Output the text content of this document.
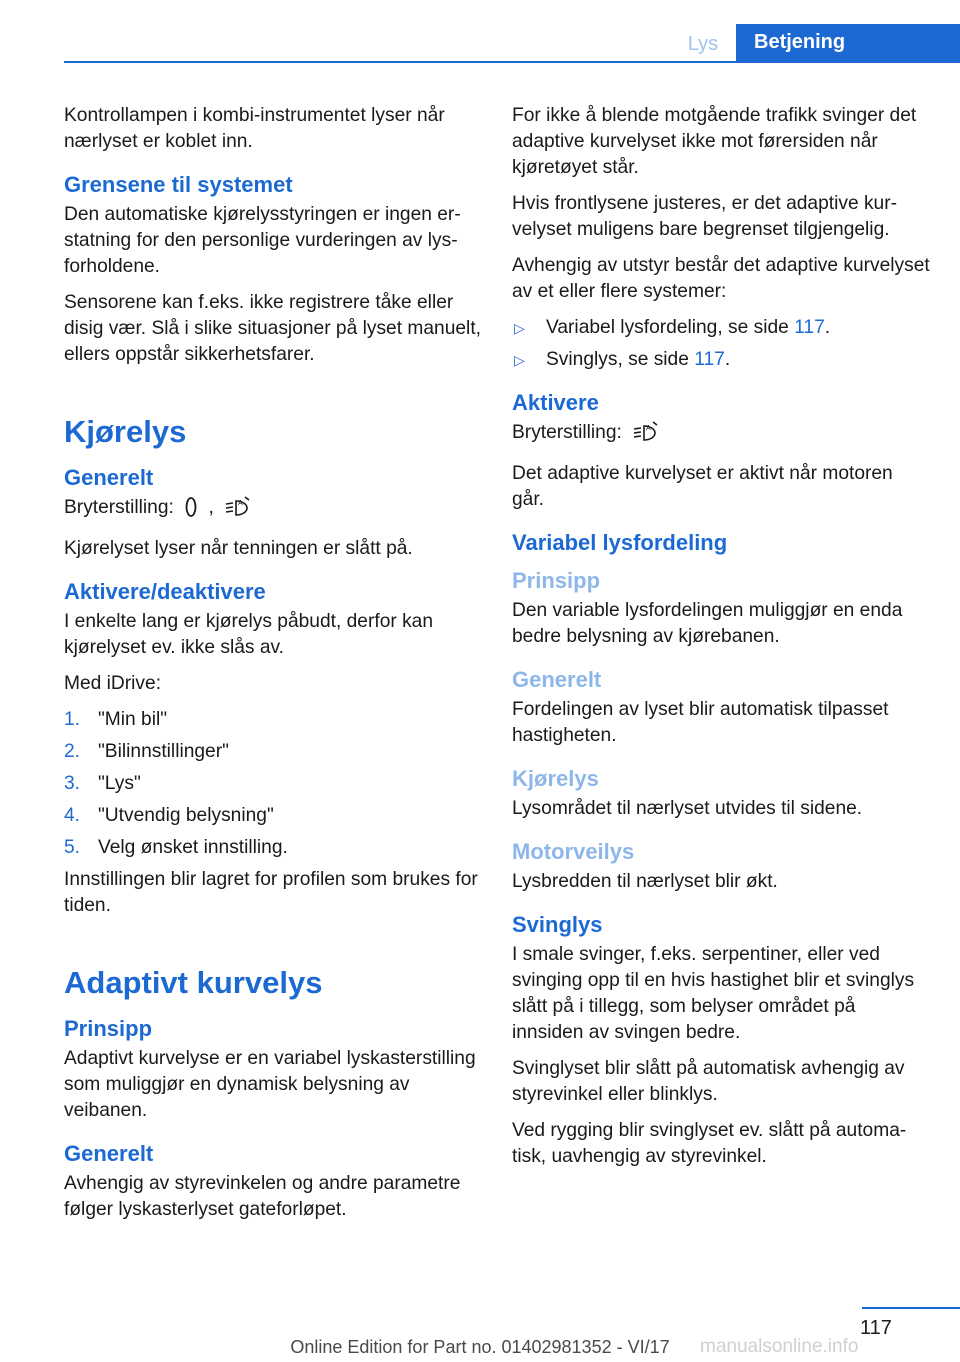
Lys	Betjening

Kontrollampen i kombi-instrumentet lyser når nærlyset er koblet inn.

Grensene til systemet

Den automatiske kjørelysstyringen er ingen erstatning for den personlige vurderingen av lysforholdene.

Sensorene kan f.eks. ikke registrere tåke eller disig vær. Slå i slike situasjoner på lyset manuelt, ellers oppstår sikkerhetsfarer.

Kjørelys
Generelt

Bryterstilling: ,	A

Kjørelyset lyser når tenningen er slått på.

Aktivere/deaktivere

I enkelte lang er kjørelys påbudt, derfor kan kjørelyset ev. ikke slås av.

Med iDrive:

1. "Min bil"
2. "Bilinnstillinger"
3. "Lys"
4. "Utvendig belysning"
5. Velg ønsket innstilling.

Innstillingen blir lagret for profilen som brukes for tiden.

Adaptivt kurvelys
Prinsipp

Adaptivt kurvelyse er en variabel lyskasterstilling som muliggjør en dynamisk belysning av veibanen.

Generelt

Avhengig av styrevinkelen og andre parametre følger lyskasterlyset gateforløpet.

For ikke å blende motgående trafikk svinger det adaptive kurvelyset ikke mot førersiden når kjøretøyet står.

Hvis frontlysene justeres, er det adaptive kurvelyset muligens bare begrenset tilgjengelig.

Avhengig av utstyr består det adaptive kurvelyset av et eller flere systemer:

▷ Variabel lysfordeling, se side 117.
▷ Svinglys, se side 117.
Aktivere

Bryterstilling:	A

Det adaptive kurvelyset er aktivt når motoren går.

Variabel lysfordeling
Prinsipp

Den variable lysfordelingen muliggjør en enda bedre belysning av kjørebanen.

Generelt

Fordelingen av lyset blir automatisk tilpasset hastigheten.

Kjørelys

Lysområdet til nærlyset utvides til sidene.

Motorveilys

Lysbredden til nærlyset blir økt.

Svinglys

I smale svinger, f.eks. serpentiner, eller ved svinging opp til en hvis hastighet blir et svinglys slått på i tillegg, som belyser området på innsiden av svingen bedre.

Svinglyset blir slått på automatisk avhengig av styrevinkel eller blinklys.

Ved rygging blir svinglyset ev. slått på automatisk, uavhengig av styrevinkel.

117
manualsonline.info
Online Edition for Part no. 01402981352 - VI/17
